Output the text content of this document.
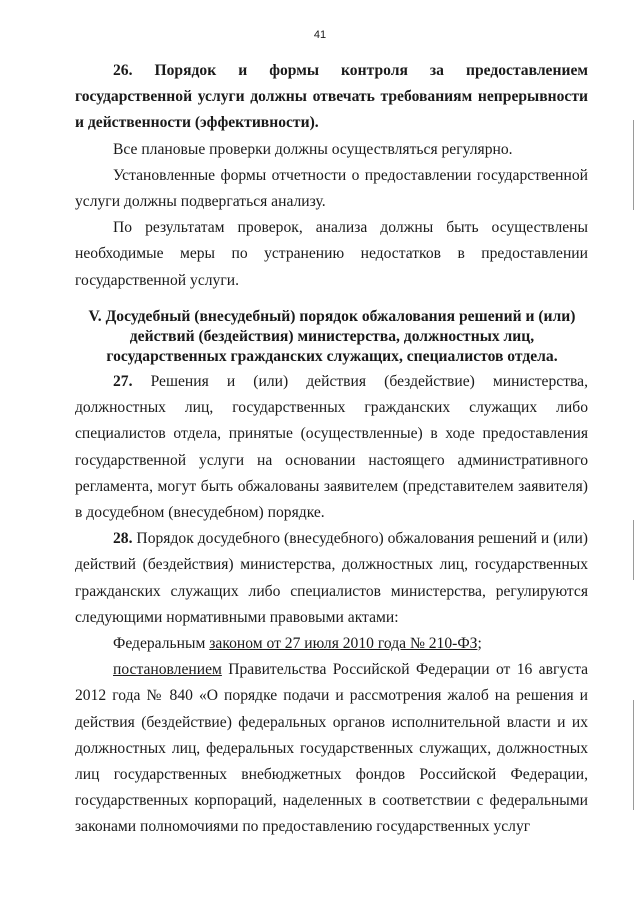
41

26. Порядок и формы контроля за предоставлением государственной услуги должны отвечать требованиям непрерывности и действенности (эффективности).

Все плановые проверки должны осуществляться регулярно.

Установленные формы отчетности о предоставлении государственной услуги должны подвергаться анализу.

По результатам проверок, анализа должны быть осуществлены необходимые меры по устранению недостатков в предоставлении государственной услуги.

V. Досудебный (внесудебный) порядок обжалования решений и (или) действий (бездействия) министерства, должностных лиц, государственных гражданских служащих, специалистов отдела.

27. Решения и (или) действия (бездействие) министерства, должностных лиц, государственных гражданских служащих либо специалистов отдела, принятые (осуществленные) в ходе предоставления государственной услуги на основании настоящего административного регламента, могут быть обжалованы заявителем (представителем заявителя) в досудебном (внесудебном) порядке.

28. Порядок досудебного (внесудебного) обжалования решений и (или) действий (бездействия) министерства, должностных лиц, государственных гражданских служащих либо специалистов министерства, регулируются следующими нормативными правовыми актами:

Федеральным законом от 27 июля 2010 года № 210-ФЗ;

постановлением Правительства Российской Федерации от 16 августа 2012 года № 840 «О порядке подачи и рассмотрения жалоб на решения и действия (бездействие) федеральных органов исполнительной власти и их должностных лиц, федеральных государственных служащих, должностных лиц государственных внебюджетных фондов Российской Федерации, государственных корпораций, наделенных в соответствии с федеральными законами полномочиями по предоставлению государственных услуг
